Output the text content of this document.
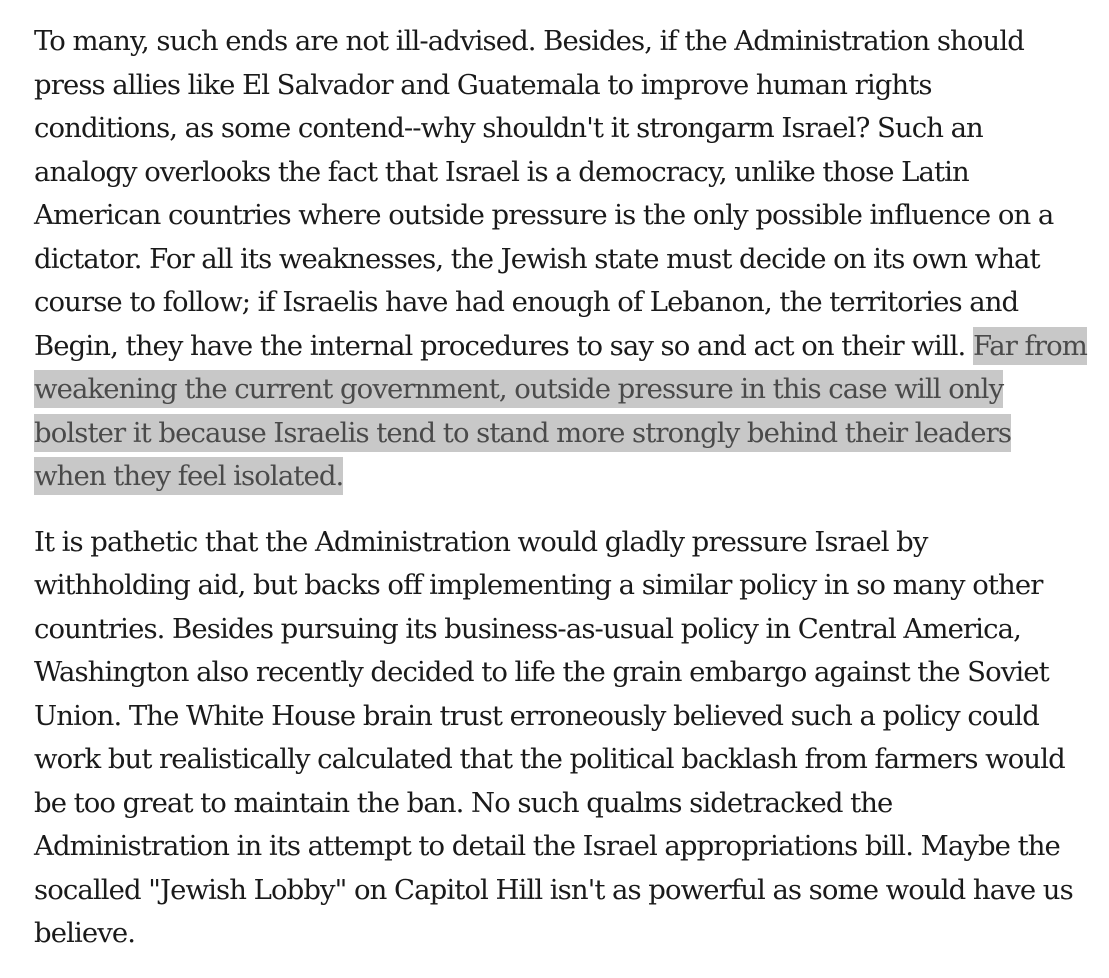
To many, such ends are not ill-advised. Besides, if the Administration should
press allies like El Salvador and Guatemala to improve human rights
conditions, as some contend--why shouldn't it strongarm Israel? Such an
analogy overlooks the fact that Israel is a democracy, unlike those Latin
American countries where outside pressure is the only possible influence on a
dictator. For all its weaknesses, the Jewish state must decide on its own what
course to follow; if Israelis have had enough of Lebanon, the territories and
Begin, they have the internal procedures to say so and act on their will. Far from
weakening the current government, outside pressure in this case will only
bolster it because Israelis tend to stand more strongly behind their leaders
when they feel isolated.

It is pathetic that the Administration would gladly pressure Israel by
withholding aid, but backs off implementing a similar policy in so many other
countries. Besides pursuing its business-as-usual policy in Central America,
Washington also recently decided to life the grain embargo against the Soviet
Union. The White House brain trust erroneously believed such a policy could
work but realistically calculated that the political backlash from farmers would
be too great to maintain the ban. No such qualms sidetracked the
Administration in its attempt to detail the Israel appropriations bill. Maybe the
socalled "Jewish Lobby" on Capitol Hill isn't as powerful as some would have us
believe.
